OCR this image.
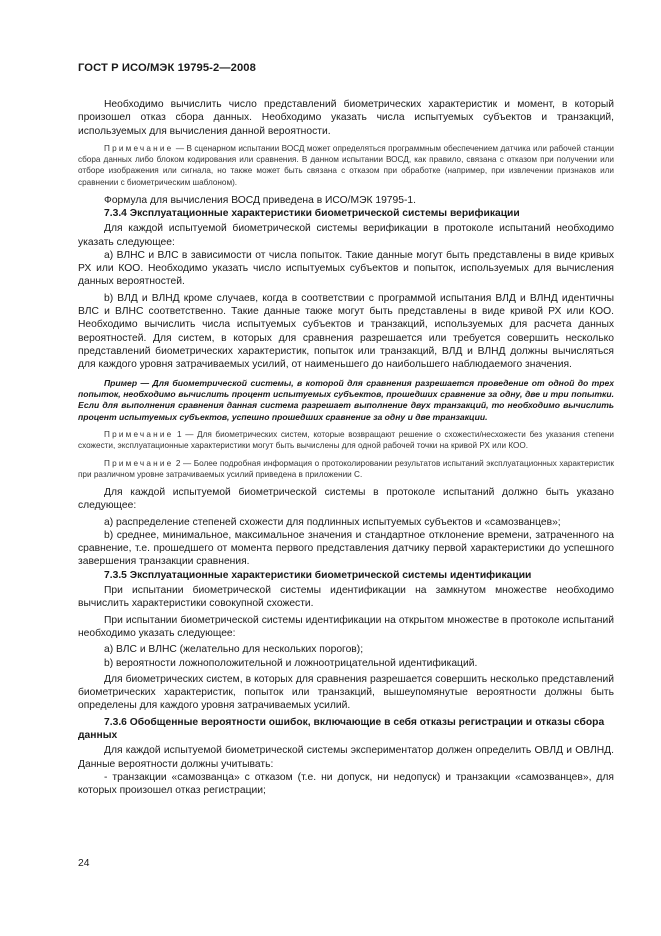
ГОСТ Р ИСО/МЭК 19795-2—2008

Необходимо вычислить число представлений биометрических характеристик и момент, в который произошел отказ сбора данных. Необходимо указать числа испытуемых субъектов и транзакций, используемых для вычисления данной вероятности.

Примечание — В сценарном испытании ВОСД может определяться программным обеспечением датчика или рабочей станции сбора данных либо блоком кодирования или сравнения. В данном испытании ВОСД, как правило, связана с отказом при получении или отборе изображения или сигнала, но также может быть связана с отказом при обработке (например, при извлечении признаков или сравнении с биометрическим шаблоном).

Формула для вычисления ВОСД приведена в ИСО/МЭК 19795-1.

7.3.4 Эксплуатационные характеристики биометрической системы верификации

Для каждой испытуемой биометрической системы верификации в протоколе испытаний необходимо указать следующее:

a) ВЛНС и ВЛС в зависимости от числа попыток. Такие данные могут быть представлены в виде кривых РХ или КОО. Необходимо указать число испытуемых субъектов и попыток, используемых для вычисления данных вероятностей.

b) ВЛД и ВЛНД кроме случаев, когда в соответствии с программой испытания ВЛД и ВЛНД идентичны ВЛС и ВЛНС соответственно. Такие данные также могут быть представлены в виде кривой РХ или КОО. Необходимо вычислить числа испытуемых субъектов и транзакций, используемых для расчета данных вероятностей. Для систем, в которых для сравнения разрешается или требуется совершить несколько представлений биометрических характеристик, попыток или транзакций, ВЛД и ВЛНД должны вычисляться для каждого уровня затрачиваемых усилий, от наименьшего до наибольшего наблюдаемого значения.

Пример — Для биометрической системы, в которой для сравнения разрешается проведение от одной до трех попыток, необходимо вычислить процент испытуемых субъектов, прошедших сравнение за одну, две и три попытки. Если для выполнения сравнения данная система разрешает выполнение двух транзакций, то необходимо вычислить процент испытуемых субъектов, успешно прошедших сравнение за одну и две транзакции.

Примечание 1 — Для биометрических систем, которые возвращают решение о схожести/несхожести без указания степени схожести, эксплуатационные характеристики могут быть вычислены для одной рабочей точки на кривой РХ или КОО.

Примечание 2 — Более подробная информация о протоколировании результатов испытаний эксплуатационных характеристик при различном уровне затрачиваемых усилий приведена в приложении С.

Для каждой испытуемой биометрической системы в протоколе испытаний должно быть указано следующее:

a) распределение степеней схожести для подлинных испытуемых субъектов и «самозванцев»;

b) среднее, минимальное, максимальное значения и стандартное отклонение времени, затраченного на сравнение, т.е. прошедшего от момента первого представления датчику первой характеристики до успешного завершения транзакции сравнения.

7.3.5 Эксплуатационные характеристики биометрической системы идентификации

При испытании биометрической системы идентификации на замкнутом множестве необходимо вычислить характеристики совокупной схожести.

При испытании биометрической системы идентификации на открытом множестве в протоколе испытаний необходимо указать следующее:

a) ВЛС и ВЛНС (желательно для нескольких порогов);

b) вероятности ложноположительной и ложноотрицательной идентификаций.

Для биометрических систем, в которых для сравнения разрешается совершить несколько представлений биометрических характеристик, попыток или транзакций, вышеупомянутые вероятности должны быть определены для каждого уровня затрачиваемых усилий.

7.3.6 Обобщенные вероятности ошибок, включающие в себя отказы регистрации и отказы сбора данных

Для каждой испытуемой биометрической системы экспериментатор должен определить ОВЛД и ОВЛНД. Данные вероятности должны учитывать:

- транзакции «самозванца» с отказом (т.е. ни допуск, ни недопуск) и транзакции «самозванцев», для которых произошел отказ регистрации;

24
